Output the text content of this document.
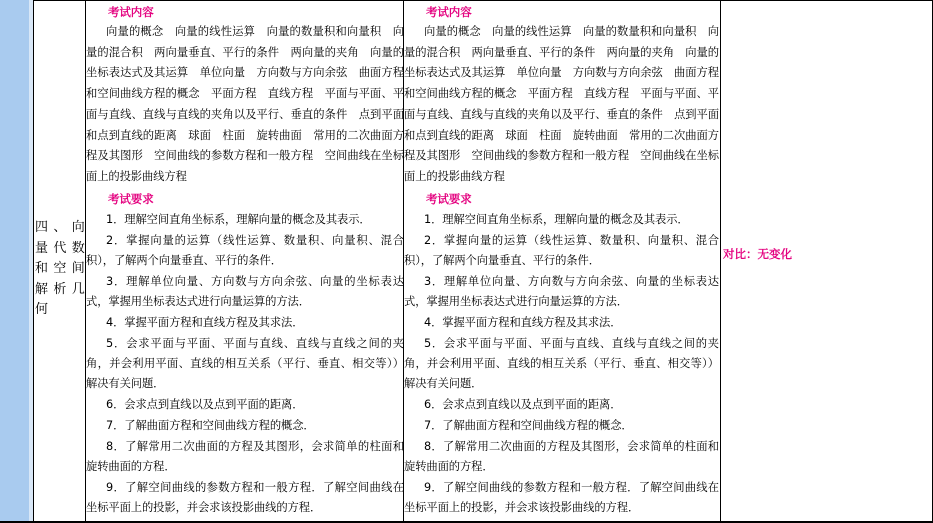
四、向量代数和空间解析几何
考试内容
向量的概念　向量的线性运算　向量的数量积和向量积　向量的混合积　两向量垂直、平行的条件　两向量的夹角　向量的坐标表达式及其运算　单位向量　方向数与方向余弦　曲面方程和空间曲线方程的概念　平面方程　直线方程　平面与平面、平面与直线、直线与直线的夹角以及平行、垂直的条件　点到平面和点到直线的距离　球面　柱面　旋转曲面　常用的二次曲面方程及其图形　空间曲线的参数方程和一般方程　空间曲线在坐标面上的投影曲线方程
考试要求
1．理解空间直角坐标系，理解向量的概念及其表示．
2．掌握向量的运算（线性运算、数量积、向量积、混合积），了解两个向量垂直、平行的条件．
3．理解单位向量、方向数与方向余弦、向量的坐标表达式，掌握用坐标表达式进行向量运算的方法．
4．掌握平面方程和直线方程及其求法．
5．会求平面与平面、平面与直线、直线与直线之间的夹角，并会利用平面、直线的相互关系（平行、垂直、相交等））解决有关问题．
6．会求点到直线以及点到平面的距离．
7．了解曲面方程和空间曲线方程的概念．
8．了解常用二次曲面的方程及其图形，会求简单的柱面和旋转曲面的方程．
9．了解空间曲线的参数方程和一般方程．了解空间曲线在坐标平面上的投影，并会求该投影曲线的方程．
考试内容
向量的概念　向量的线性运算　向量的数量积和向量积　向量的混合积　两向量垂直、平行的条件　两向量的夹角　向量的坐标表达式及其运算　单位向量　方向数与方向余弦　曲面方程和空间曲线方程的概念　平面方程　直线方程　平面与平面、平面与直线、直线与直线的夹角以及平行、垂直的条件　点到平面和点到直线的距离　球面　柱面　旋转曲面　常用的二次曲面方程及其图形　空间曲线的参数方程和一般方程　空间曲线在坐标面上的投影曲线方程
考试要求
1．理解空间直角坐标系，理解向量的概念及其表示．
2．掌握向量的运算（线性运算、数量积、向量积、混合积），了解两个向量垂直、平行的条件．
3．理解单位向量、方向数与方向余弦、向量的坐标表达式，掌握用坐标表达式进行向量运算的方法．
4．掌握平面方程和直线方程及其求法．
5．会求平面与平面、平面与直线、直线与直线之间的夹角，并会利用平面、直线的相互关系（平行、垂直、相交等））解决有关问题．
6．会求点到直线以及点到平面的距离．
7．了解曲面方程和空间曲线方程的概念．
8．了解常用二次曲面的方程及其图形，会求简单的柱面和旋转曲面的方程．
9．了解空间曲线的参数方程和一般方程．了解空间曲线在坐标平面上的投影，并会求该投影曲线的方程．
对比：无变化
